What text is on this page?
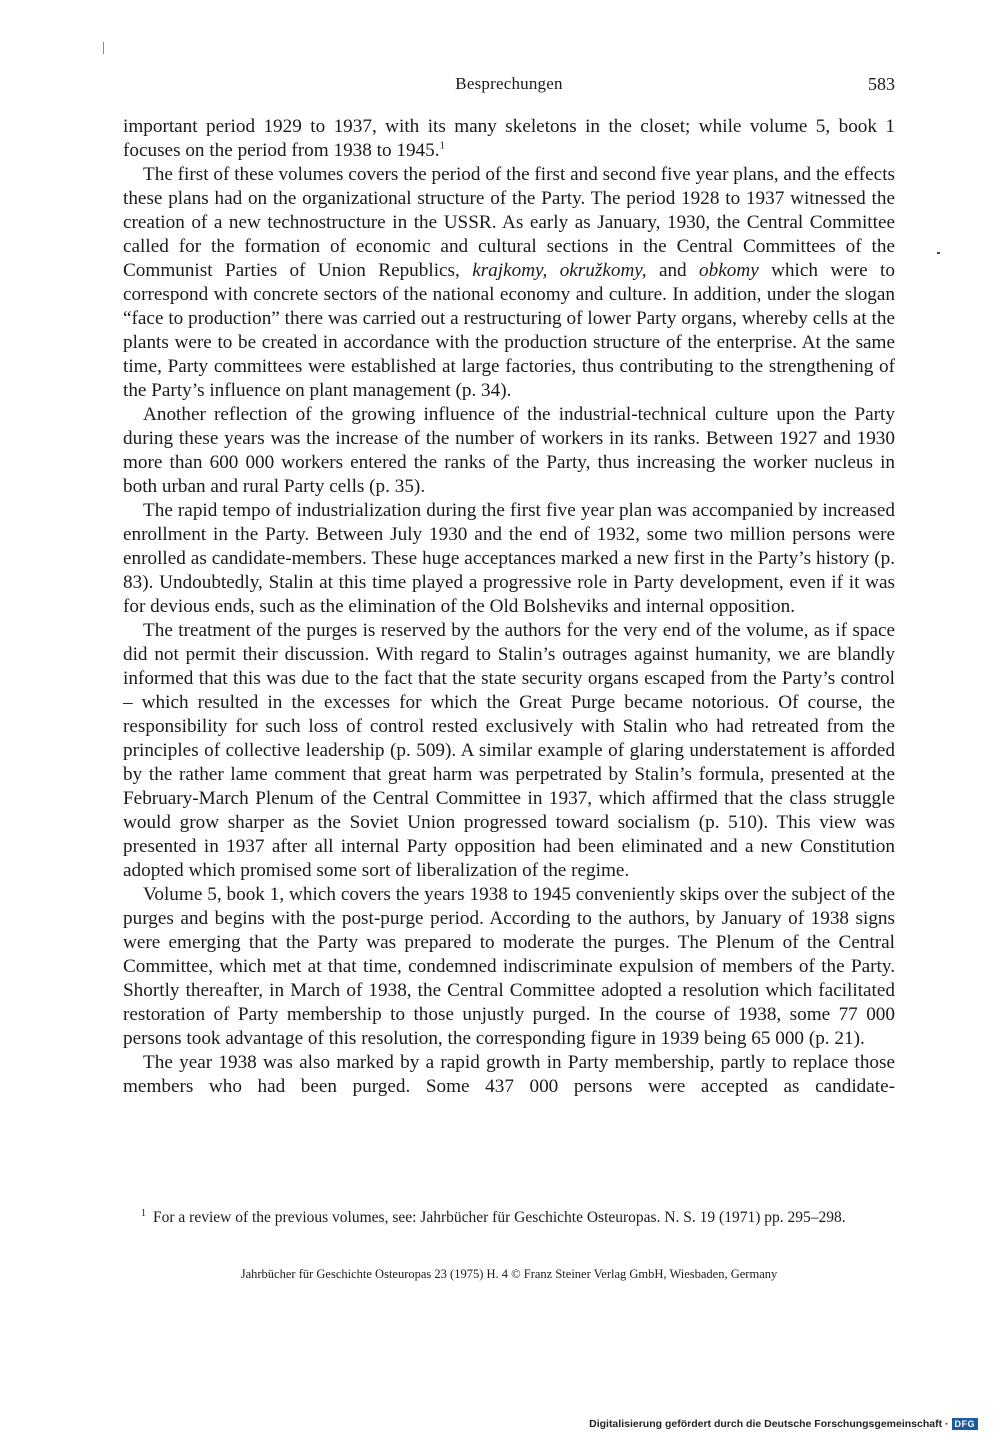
Besprechungen	583

important period 1929 to 1937, with its many skeletons in the closet; while volume 5, book 1 focuses on the period from 1938 to 1945.$^1$

The first of these volumes covers the period of the first and second five year plans, and the effects these plans had on the organizational structure of the Party. The period 1928 to 1937 witnessed the creation of a new technostructure in the USSR. As early as January, 1930, the Central Committee called for the formation of economic and cultural sections in the Central Committees of the Communist Parties of Union Republics, krajkomy, okružkomy, and obkomy which were to correspond with concrete sectors of the national economy and culture. In addition, under the slogan “face to production” there was carried out a restructuring of lower Party organs, whereby cells at the plants were to be created in accordance with the production structure of the enterprise. At the same time, Party committees were established at large factories, thus contributing to the strengthening of the Party’s influence on plant management (p. 34).

Another reflection of the growing influence of the industrial-technical culture upon the Party during these years was the increase of the number of workers in its ranks. Between 1927 and 1930 more than 600 000 workers entered the ranks of the Party, thus increasing the worker nucleus in both urban and rural Party cells (p. 35).

The rapid tempo of industrialization during the first five year plan was accompanied by increased enrollment in the Party. Between July 1930 and the end of 1932, some two million persons were enrolled as candidate-members. These huge acceptances marked a new first in the Party’s history (p. 83). Undoubtedly, Stalin at this time played a progressive role in Party development, even if it was for devious ends, such as the elimination of the Old Bolsheviks and internal opposition.

The treatment of the purges is reserved by the authors for the very end of the volume, as if space did not permit their discussion. With regard to Stalin’s outrages against humanity, we are blandly informed that this was due to the fact that the state security organs escaped from the Party’s control – which resulted in the excesses for which the Great Purge became notorious. Of course, the responsibility for such loss of control rested exclusively with Stalin who had retreated from the principles of collective leadership (p. 509). A similar example of glaring understatement is afforded by the rather lame comment that great harm was perpetrated by Stalin’s formula, presented at the February-March Plenum of the Central Committee in 1937, which affirmed that the class struggle would grow sharper as the Soviet Union progressed toward socialism (p. 510). This view was presented in 1937 after all internal Party opposition had been eliminated and a new Constitution adopted which promised some sort of liberalization of the regime.

Volume 5, book 1, which covers the years 1938 to 1945 conveniently skips over the subject of the purges and begins with the post-purge period. According to the authors, by January of 1938 signs were emerging that the Party was prepared to moderate the purges. The Plenum of the Central Committee, which met at that time, condemned indiscriminate expulsion of members of the Party. Shortly thereafter, in March of 1938, the Central Committee adopted a resolution which facilitated restoration of Party membership to those unjustly purged. In the course of 1938, some 77 000 persons took advantage of this resolution, the corresponding figure in 1939 being 65 000 (p. 21).

The year 1938 was also marked by a rapid growth in Party membership, partly to replace those members who had been purged. Some 437 000 persons were accepted as candidate-

1 For a review of the previous volumes, see: Jahrbücher für Geschichte Osteuropas. N. S. 19 (1971) pp. 295–298.
Jahrbücher für Geschichte Osteuropas 23 (1975) H. 4 © Franz Steiner Verlag GmbH, Wiesbaden, Germany
Digitalisierung gefördert durch die Deutsche Forschungsgemeinschaft · DFG
